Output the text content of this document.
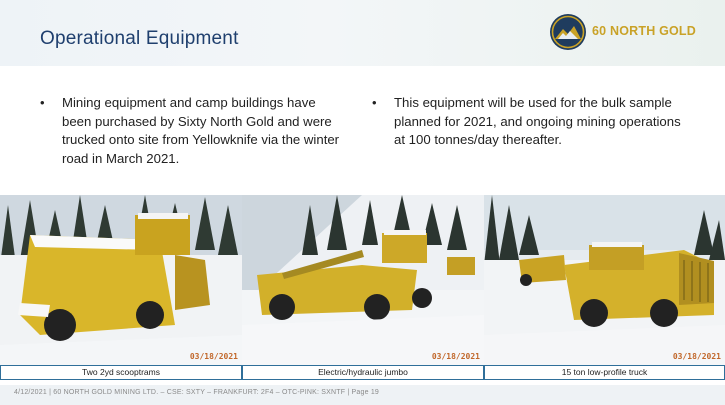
Operational Equipment	60 NORTH GOLD
• Mining equipment and camp buildings have been purchased by Sixty North Gold and were trucked onto site from Yellowknife via the winter road in March 2021.
• This equipment will be used for the bulk sample planned for 2021, and ongoing mining operations at 100 tonnes/day thereafter.
03/18/2021
Two 2yd scooptrams
03/18/2021
Electric/hydraulic jumbo
03/18/2021
15 ton low-profile truck
4/12/2021 | 60 NORTH GOLD MINING LTD. – CSE: SXTY – FRANKFURT: 2F4 – OTC-PINK: SXNTF | Page 19
